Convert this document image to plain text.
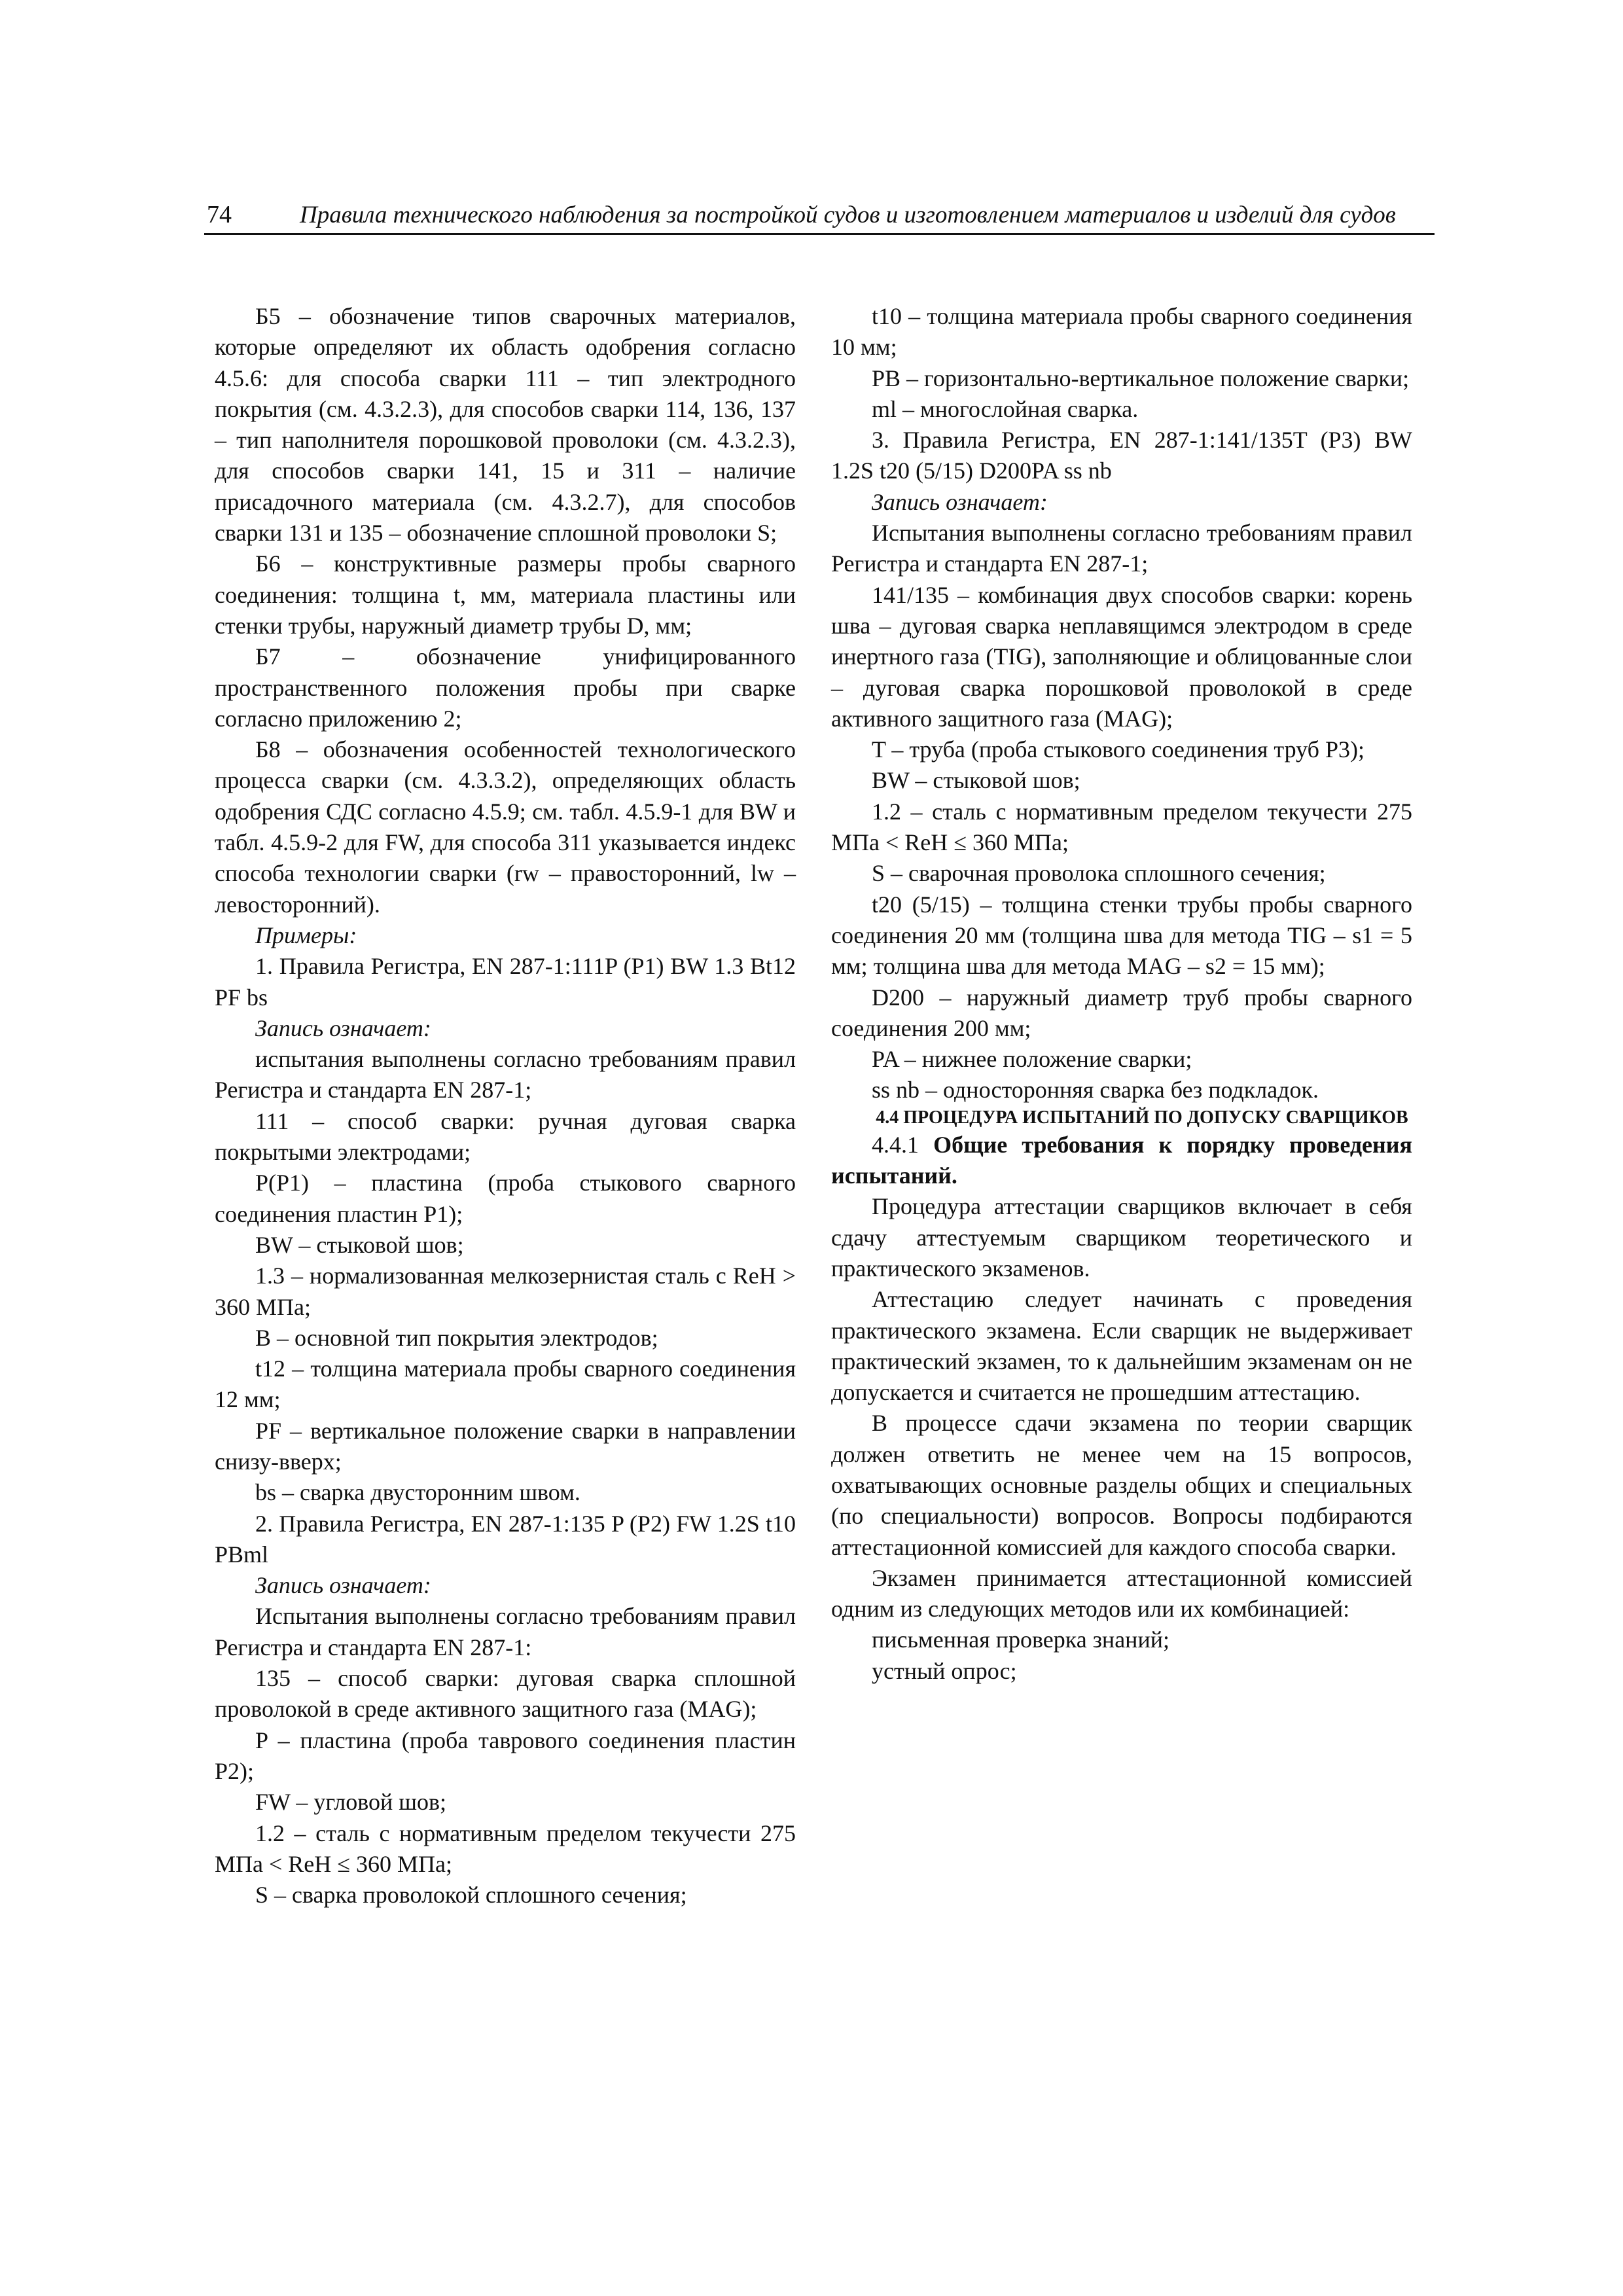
74	Правила технического наблюдения за постройкой судов и изготовлением материалов и изделий для судов

Б5 – обозначение типов сварочных материалов, которые определяют их область одобрения согласно 4.5.6: для способа сварки 111 – тип электродного покрытия (см. 4.3.2.3), для способов сварки 114, 136, 137 – тип наполнителя порошковой проволоки (см. 4.3.2.3), для способов сварки 141, 15 и 311 – наличие присадочного материала (см. 4.3.2.7), для способов сварки 131 и 135 – обозначение сплошной проволоки S;

Б6 – конструктивные размеры пробы сварного соединения: толщина t, мм, материала пластины или стенки трубы, наружный диаметр трубы D, мм;

Б7 – обозначение унифицированного пространственного положения пробы при сварке согласно приложению 2;

Б8 – обозначения особенностей технологического процесса сварки (см. 4.3.3.2), определяющих область одобрения СДС согласно 4.5.9; см. табл. 4.5.9-1 для BW и табл. 4.5.9-2 для FW, для способа 311 указывается индекс способа технологии сварки (rw – правосторонний, lw – левосторонний).

Примеры:

1. Правила Регистра, EN 287-1:111P (P1) BW 1.3 Bt12 PF bs

Запись означает:

испытания выполнены согласно требованиям правил Регистра и стандарта EN 287-1;

111 – способ сварки: ручная дуговая сварка покрытыми электродами;

P(P1) – пластина (проба стыкового сварного соединения пластин P1);

BW – стыковой шов;

1.3 – нормализованная мелкозернистая сталь с ReH > 360 МПа;

B – основной тип покрытия электродов;

t12 – толщина материала пробы сварного соединения 12 мм;

PF – вертикальное положение сварки в направлении снизу-вверх;

bs – сварка двусторонним швом.

2. Правила Регистра, EN 287-1:135 P (P2) FW 1.2S t10 PBml

Запись означает:

Испытания выполнены согласно требованиям правил Регистра и стандарта EN 287-1:

135 – способ сварки: дуговая сварка сплошной проволокой в среде активного защитного газа (MAG);

P – пластина (проба таврового соединения пластин P2);

FW – угловой шов;

1.2 – сталь с нормативным пределом текучести 275 МПа < ReH ≤ 360 МПа;

S – сварка проволокой сплошного сечения;

t10 – толщина материала пробы сварного соединения 10 мм;

PB – горизонтально-вертикальное положение сварки;

ml – многослойная сварка.

3. Правила Регистра, EN 287-1:141/135T (P3) BW 1.2S t20 (5/15) D200PA ss nb

Запись означает:

Испытания выполнены согласно требованиям правил Регистра и стандарта EN 287-1;

141/135 – комбинация двух способов сварки: корень шва – дуговая сварка неплавящимся электродом в среде инертного газа (TIG), заполняющие и облицованные слои – дуговая сварка порошковой проволокой в среде активного защитного газа (MAG);

T – труба (проба стыкового соединения труб P3);

BW – стыковой шов;

1.2 – сталь с нормативным пределом текучести 275 МПа < ReH ≤ 360 МПа;

S – сварочная проволока сплошного сечения;

t20 (5/15) – толщина стенки трубы пробы сварного соединения 20 мм (толщина шва для метода TIG – s1 = 5 мм; толщина шва для метода MAG – s2 = 15 мм);

D200 – наружный диаметр труб пробы сварного соединения 200 мм;

PA – нижнее положение сварки;

ss nb – односторонняя сварка без подкладок.

4.4 ПРОЦЕДУРА ИСПЫТАНИЙ ПО ДОПУСКУ СВАРЩИКОВ

4.4.1 Общие требования к порядку проведения испытаний.

Процедура аттестации сварщиков включает в себя сдачу аттестуемым сварщиком теоретического и практического экзаменов.

Аттестацию следует начинать с проведения практического экзамена. Если сварщик не выдерживает практический экзамен, то к дальнейшим экзаменам он не допускается и считается не прошедшим аттестацию.

В процессе сдачи экзамена по теории сварщик должен ответить не менее чем на 15 вопросов, охватывающих основные разделы общих и специальных (по специальности) вопросов. Вопросы подбираются аттестационной комиссией для каждого способа сварки.

Экзамен принимается аттестационной комиссией одним из следующих методов или их комбинацией:

письменная проверка знаний;

устный опрос;
